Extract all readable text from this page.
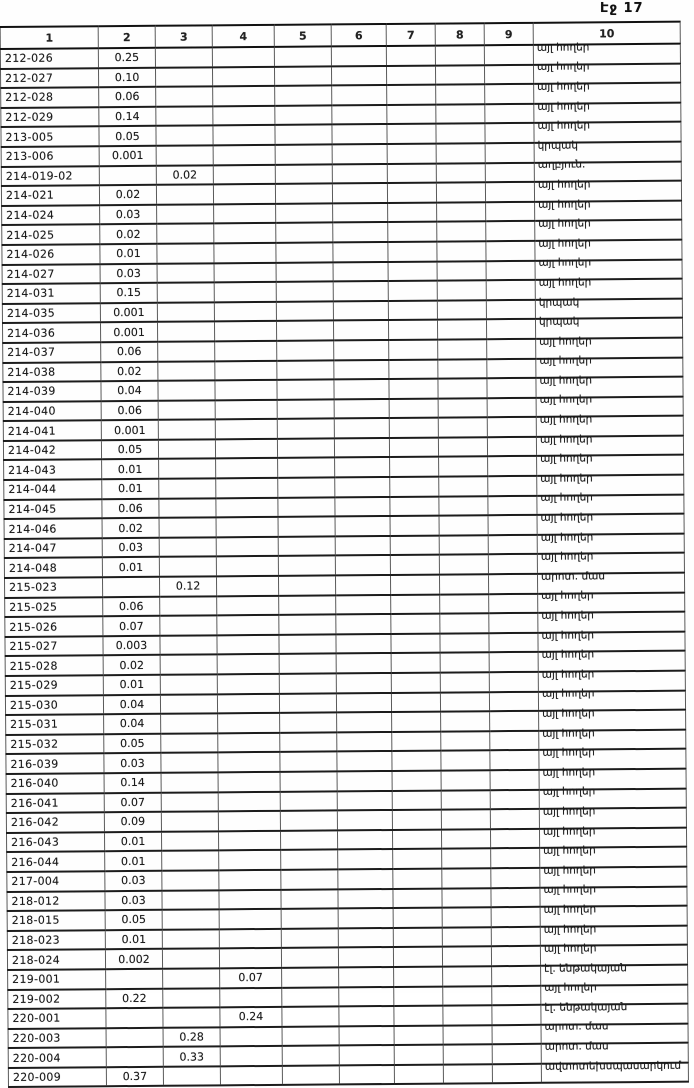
Էջ 17
1	2	3	4	5	6	7	8	9	10
212-026	0.25								այլ հողեր
212-027	0.10								այլ հողեր
212-028	0.06								այլ հողեր
212-029	0.14								այլ հողեր
213-005	0.05								այլ հողեր
213-006	0.001								կրպակ
214-019-02		0.02							աղբյուն.
214-021	0.02								այլ հողեր
214-024	0.03								այլ հողեր
214-025	0.02								այլ հողեր
214-026	0.01								այլ հողեր
214-027	0.03								այլ հողեր
214-031	0.15								այլ հողեր
214-035	0.001								կրպակ
214-036	0.001								կրպակ
214-037	0.06								այլ հողեր
214-038	0.02								այլ հողեր
214-039	0.04								այլ հողեր
214-040	0.06								այլ հողեր
214-041	0.001								այլ հողեր
214-042	0.05								այլ հողեր
214-043	0.01								այլ հողեր
214-044	0.01								այլ հողեր
214-045	0.06								այլ հողեր
214-046	0.02								այլ հողեր
214-047	0.03								այլ հողեր
214-048	0.01								այլ հողեր
215-023		0.12							արոտ. մաս
215-025	0.06								այլ հողեր
215-026	0.07								այլ հողեր
215-027	0.003								այլ հողեր
215-028	0.02								այլ հողեր
215-029	0.01								այլ հողեր
215-030	0.04								այլ հողեր
215-031	0.04								այլ հողեր
215-032	0.05								այլ հողեր
216-039	0.03								այլ հողեր
216-040	0.14								այլ հողեր
216-041	0.07								այլ հողեր
216-042	0.09								այլ հողեր
216-043	0.01								այլ հողեր
216-044	0.01								այլ հողեր
217-004	0.03								այլ հողեր
218-012	0.03								այլ հողեր
218-015	0.05								այլ հողեր
218-023	0.01								այլ հողեր
218-024	0.002								այլ հողեր
219-001			0.07						էլ. ենթակայան
219-002	0.22								այլ հողեր
220-001			0.24						էլ. ենթակայան
220-003		0.28							արոտ. մաս
220-004		0.33							արոտ. մաս
220-009	0.37								ավտոտեխսպասարկում
